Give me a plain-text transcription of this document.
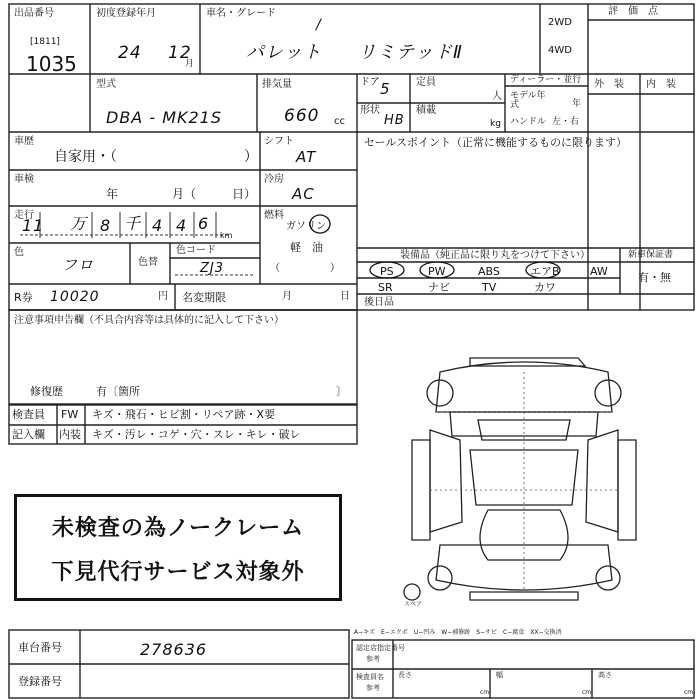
出品番号
[1811]
1035
初度登録年月
24 12
月
車名・グレード
/
パレット リミテッドⅡ
2WD
4WD
評　価　点
型式
DBA - MK21S
排気量
660 cc
ドア 5	定員
人
形状
HB
積載
kg
ディーラー・並行
モデル年式	年
ハンドル 左・右
外　装 内　装
車歴
自家用・（	）
車検
年	月（	日）
走行
11 万 8 千 4 4 6
km
色
フロ	色替
色コード
ZJ3
R券 10020	円 名変期限	月	日
シフト
AT
冷房
AC
燃料
ガソリン
軽　油
（　　　　　）
セールスポイント（正常に機能するものに限ります）
装備品（純正品に限り丸をつけて下さい）
PS	PW	ABS	エアB	AW
SR	ナビ	TV	カワ
後日品
新車保証書
有・無
注意事項申告欄（不具合内容等は具体的に記入して下さい）
修復歴	有〔箇所	〕
検査員
記入欄
FW キズ・飛石・ヒビ割・リペア跡・X要
内装 キズ・汚レ・コゲ・穴・スレ・キレ・破レ
未検査の為ノークレーム
下見代行サービス対象外
スペア
車台番号	278636
登録番号
A−キズ　E−エクボ　U−凹み　W−補修跡　S−サビ　C−腐食　XX−交換済
認定店指定番号
参考
検査員名
参考
長さ
cm
幅
cm
高さ
cm
